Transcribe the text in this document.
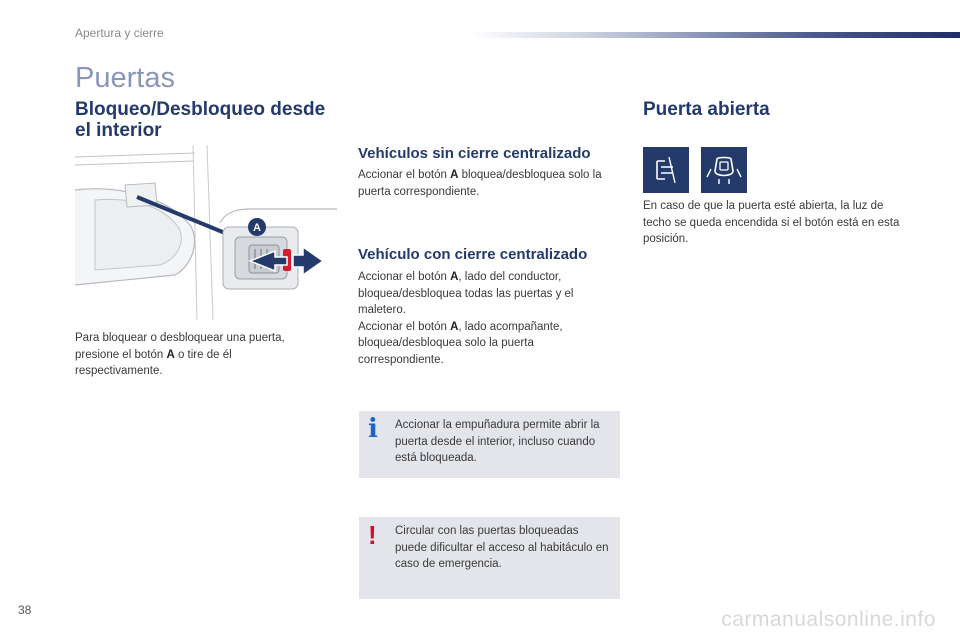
Apertura y cierre
Puertas
Bloqueo/Desbloqueo desde el interior
A

Para bloquear o desbloquear una puerta, presione el botón A o tire de él respectivamente.

Vehículos sin cierre centralizado

Accionar el botón A bloquea/desbloquea solo la puerta correspondiente.

Vehículo con cierre centralizado

Accionar el botón A, lado del conductor, bloquea/desbloquea todas las puertas y el maletero.
Accionar el botón A, lado acompañante, bloquea/desbloquea solo la puerta correspondiente.

i Accionar la empuñadura permite abrir la puerta desde el interior, incluso cuando está bloqueada.

! Circular con las puertas bloqueadas puede dificultar el acceso al habitáculo en caso de emergencia.

Puerta abierta

En caso de que la puerta esté abierta, la luz de techo se queda encendida si el botón está en esta posición.

38	carmanualsonline.info
